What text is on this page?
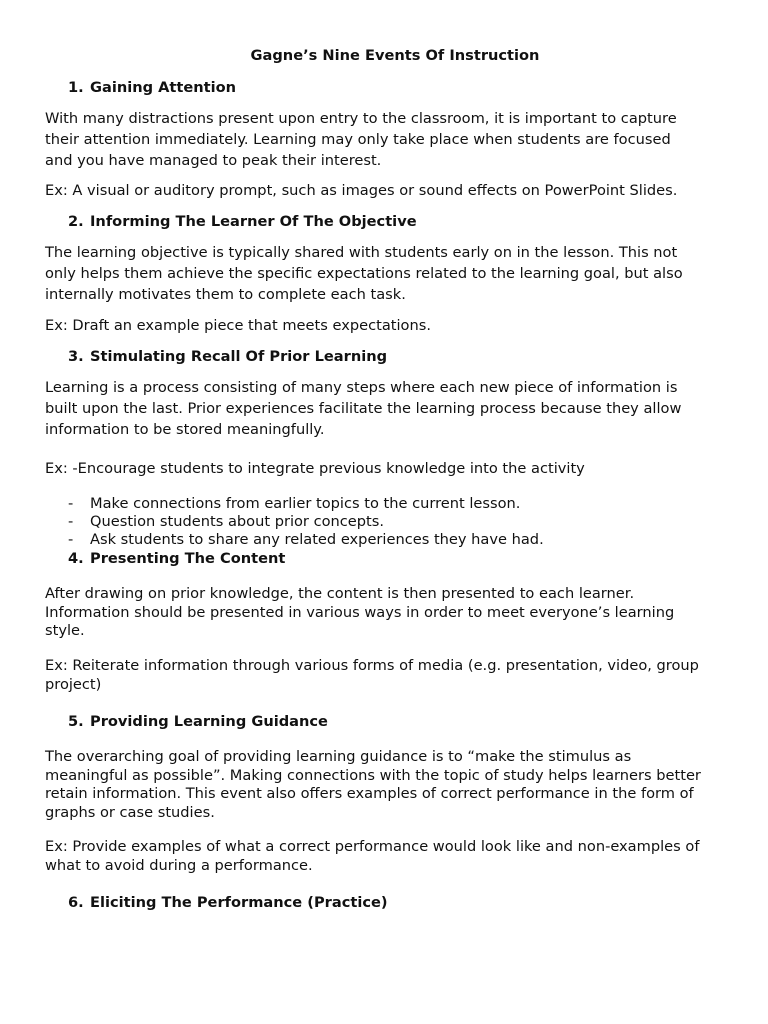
Gagne’s Nine Events Of Instruction
1. Gaining Attention
With many distractions present upon entry to the classroom, it is important to capture
their attention immediately. Learning may only take place when students are focused
and you have managed to peak their interest.
Ex: A visual or auditory prompt, such as images or sound effects on PowerPoint Slides.
2. Informing The Learner Of The Objective
The learning objective is typically shared with students early on in the lesson. This not
only helps them achieve the specific expectations related to the learning goal, but also
internally motivates them to complete each task.
Ex: Draft an example piece that meets expectations.
3. Stimulating Recall Of Prior Learning
Learning is a process consisting of many steps where each new piece of information is
built upon the last. Prior experiences facilitate the learning process because they allow
information to be stored meaningfully.
Ex: -Encourage students to integrate previous knowledge into the activity
- Make connections from earlier topics to the current lesson.
- Question students about prior concepts.
- Ask students to share any related experiences they have had.
4. Presenting The Content
After drawing on prior knowledge, the content is then presented to each learner.
Information should be presented in various ways in order to meet everyone’s learning
style.
Ex: Reiterate information through various forms of media (e.g. presentation, video, group
project)
5. Providing Learning Guidance
The overarching goal of providing learning guidance is to “make the stimulus as
meaningful as possible”. Making connections with the topic of study helps learners better
retain information. This event also offers examples of correct performance in the form of
graphs or case studies.
Ex: Provide examples of what a correct performance would look like and non-examples of
what to avoid during a performance.
6. Eliciting The Performance (Practice)
